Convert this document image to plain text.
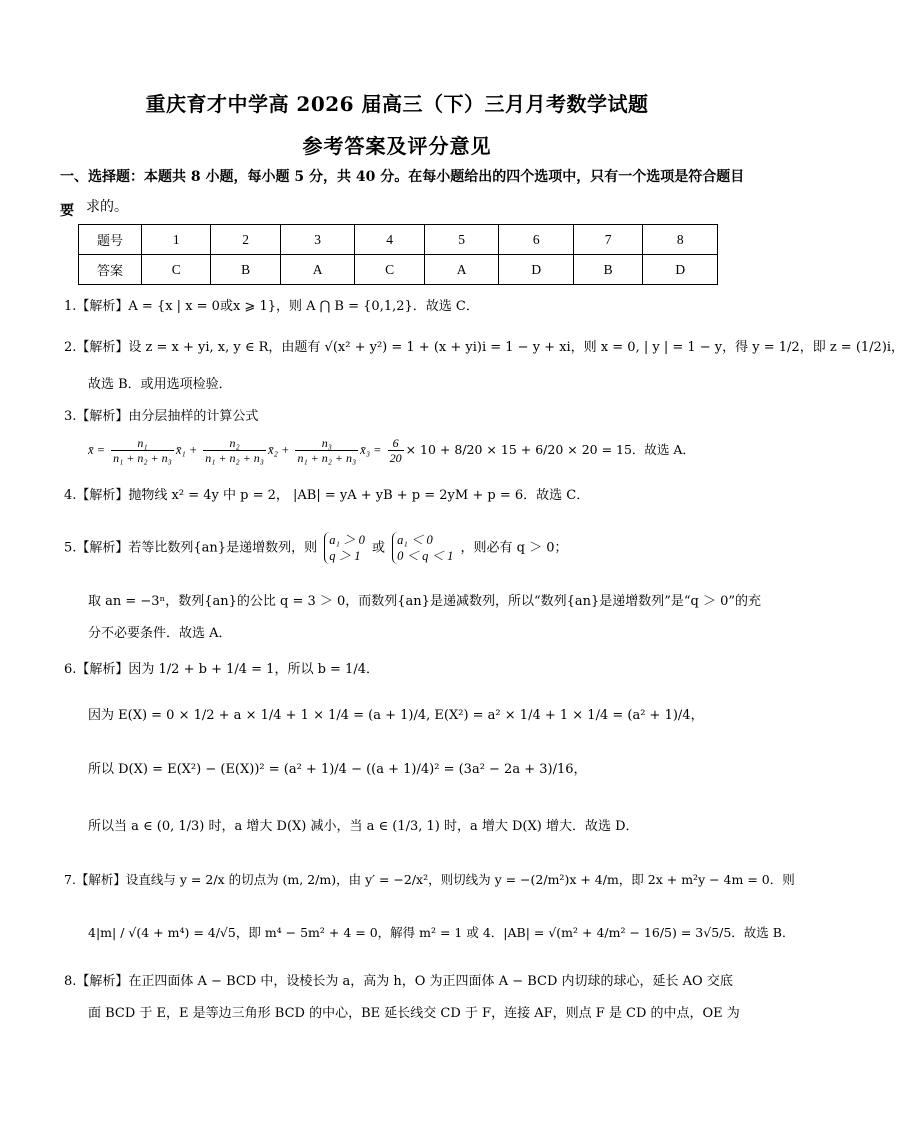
重庆育才中学高 2026 届高三（下）三月月考数学试题
参考答案及评分意见
一、选择题：本题共 8 小题，每小题 5 分，共 40 分。在每小题给出的四个选项中，只有一个选项是符合题目要 求的。
题号	1	2	3	4	5	6	7	8
答案	C	B	A	C	A	D	B	D
1.【解析】A = {x | x = 0或x ⩾ 1}，则 A ⋂ B = {0,1,2}．故选 C．
2.【解析】设 z = x + yi, x, y ∈ R，由题有 √(x² + y²) = 1 + (x + yi)i = 1 − y + xi，则 x = 0, | y | = 1 − y，得 y = 1/2，即 z = (1/2)i，
故选 B．或用选项检验．
3.【解析】由分层抽样的计算公式
x̄ = $\frac{\text{n₁}}{\text{n₁ + n₂ + n₃}}$ x̄₁ + $\frac{\text{n₂}}{\text{n₁ + n₂ + n₃}}$ x̄₂ + $\frac{\text{n₃}}{\text{n₁ + n₂ + n₃}}$ x̄₃ = $\frac{6}{20} \times 10 + 8/20 \times 15 + 6/20 \times 20 = 15$．故选 A．
4.【解析】抛物线 x² = 4y 中 p = 2， |AB| = yA + yB + p = 2yM + p = 6．故选 C．
5.【解析】若等比数列{an}是递增数列，则
a₁ ＞ 0
q ＞ 1
或
a₁ ＜ 0
0 ＜ q ＜ 1
，则必有 q ＞ 0；
取 an = −3ⁿ，数列{an}的公比 q = 3 ＞ 0，而数列{an}是递减数列，所以“数列{an}是递增数列”是“q ＞ 0”的充
分不必要条件．故选 A．
6.【解析】因为 1/2 + b + 1/4 = 1，所以 b = 1/4．
因为 E(X) = 0 × 1/2 + a × 1/4 + 1 × 1/4 = (a + 1)/4, E(X²) = a² × 1/4 + 1 × 1/4 = (a² + 1)/4，
所以 D(X) = E(X²) − (E(X))² = (a² + 1)/4 − ((a + 1)/4)² = (3a² − 2a + 3)/16，
所以当 a ∈ (0, 1/3) 时，a 增大 D(X) 减小，当 a ∈ (1/3, 1) 时，a 增大 D(X) 增大．故选 D．
7.【解析】设直线与 y = 2/x 的切点为 (m, 2/m)，由 y′ = −2/x²，则切线为 y = −(2/m²)x + 4/m，即 2x + m²y − 4m = 0．则
4|m| / √(4 + m⁴) = 4/√5，即 m⁴ − 5m² + 4 = 0，解得 m² = 1 或 4．|AB| = √(m² + 4/m² − 16/5) = 3√5/5．故选 B．
8.【解析】在正四面体 A − BCD 中，设棱长为 a，高为 h，O 为正四面体 A − BCD 内切球的球心，延长 AO 交底
面 BCD 于 E，E 是等边三角形 BCD 的中心，BE 延长线交 CD 于 F，连接 AF，则点 F 是 CD 的中点，OE 为
